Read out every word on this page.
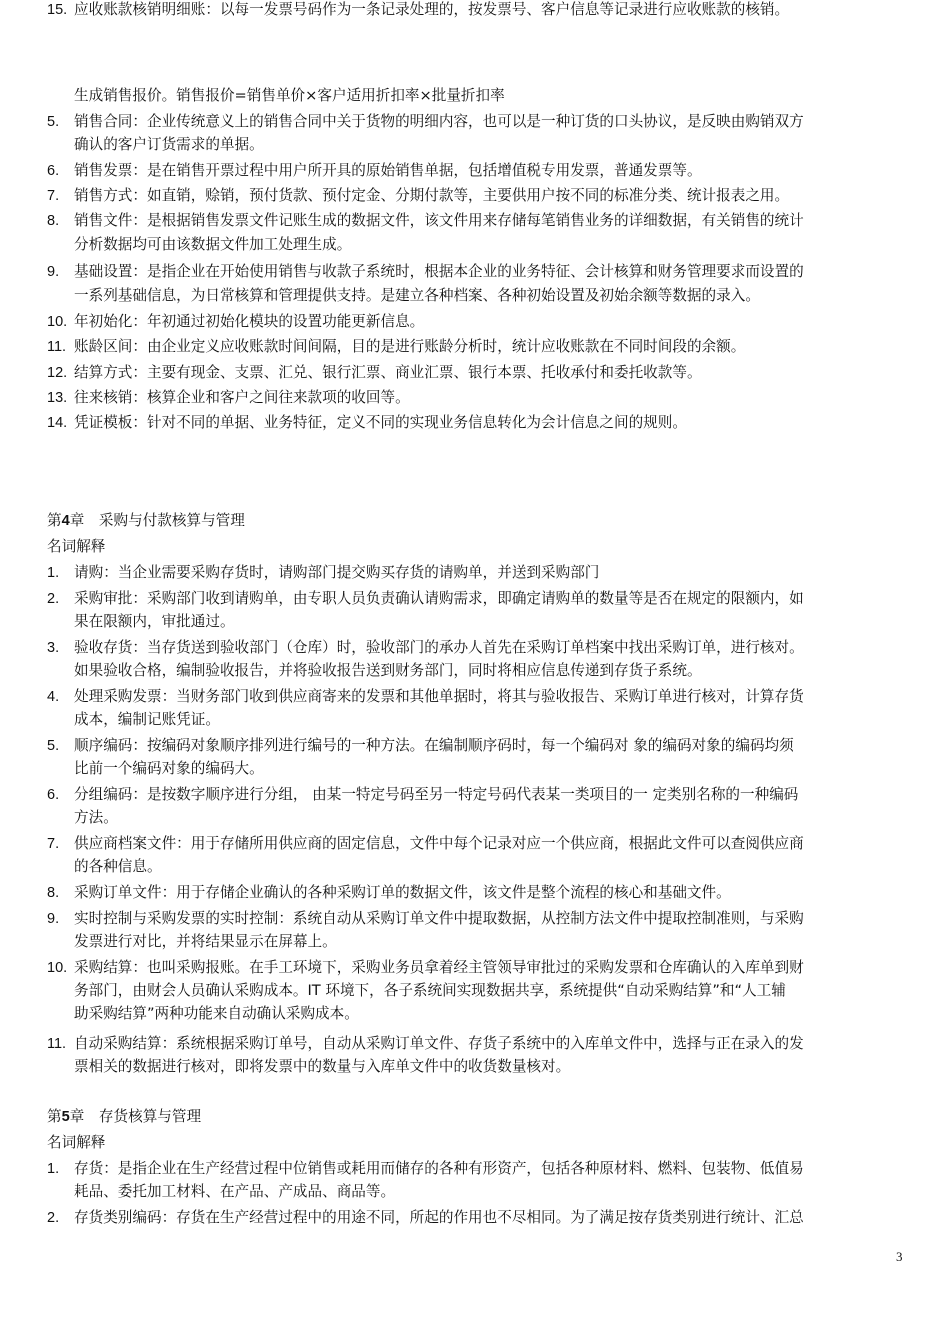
生成销售报价。销售报价=销售单价×客户适用折扣率×批量折扣率
5.	销售合同：企业传统意义上的销售合同中关于货物的明细内容，也可以是一种订货的口头协议，是反映由购销双方
确认的客户订货需求的单据。
6.	销售发票：是在销售开票过程中用户所开具的原始销售单据，包括增值税专用发票，普通发票等。
7.	销售方式：如直销，赊销，预付货款、预付定金、分期付款等，主要供用户按不同的标准分类、统计报表之用。
8.	销售文件：是根据销售发票文件记账生成的数据文件，该文件用来存储每笔销售业务的详细数据，有关销售的统计
分析数据均可由该数据文件加工处理生成。
9.	基础设置：是指企业在开始使用销售与收款子系统时，根据本企业的业务特征、会计核算和财务管理要求而设置的
一系列基础信息，为日常核算和管理提供支持。是建立各种档案、各种初始设置及初始余额等数据的录入。
10. 年初始化：年初通过初始化模块的设置功能更新信息。
11. 账龄区间：由企业定义应收账款时间间隔，目的是进行账龄分析时，统计应收账款在不同时间段的余额。
12. 结算方式：主要有现金、支票、汇兑、银行汇票、商业汇票、银行本票、托收承付和委托收款等。
13. 往来核销：核算企业和客户之间往来款项的收回等。
14. 凭证模板：针对不同的单据、业务特征，定义不同的实现业务信息转化为会计信息之间的规则。
15. 应收账款核销明细账：以每一发票号码作为一条记录处理的，按发票号、客户信息等记录进行应收账款的核销。
第4章　采购与付款核算与管理
名词解释
1.	请购：当企业需要采购存货时，请购部门提交购买存货的请购单，并送到采购部门
2.	采购审批：采购部门收到请购单，由专职人员负责确认请购需求，即确定请购单的数量等是否在规定的限额内，如
果在限额内，审批通过。
3.	验收存货：当存货送到验收部门（仓库）时，验收部门的承办人首先在采购订单档案中找出采购订单，进行核对。
如果验收合格，编制验收报告，并将验收报告送到财务部门，同时将相应信息传递到存货子系统。
4.	处理采购发票：当财务部门收到供应商寄来的发票和其他单据时，将其与验收报告、采购订单进行核对，计算存货
成本，编制记账凭证。
5.	顺序编码：按编码对象顺序排列进行编号的一种方法。在编制顺序码时，每一个编码对 象的编码对象的编码均须
比前一个编码对象的编码大。
6.	分组编码：是按数字顺序进行分组， 由某一特定号码至另一特定号码代表某一类项目的一 定类别名称的一种编码
方法。
7.	供应商档案文件：用于存储所用供应商的固定信息，文件中每个记录对应一个供应商，根据此文件可以查阅供应商
的各种信息。
8.	采购订单文件：用于存储企业确认的各种采购订单的数据文件，该文件是整个流程的核心和基础文件。
9.	实时控制与采购发票的实时控制：系统自动从采购订单文件中提取数据，从控制方法文件中提取控制准则，与采购
发票进行对比，并将结果显示在屏幕上。
10. 采购结算：也叫采购报账。在手工环境下，采购业务员拿着经主管领导审批过的采购发票和仓库确认的入库单到财
务部门，由财会人员确认采购成本。IT 环境下，各子系统间实现数据共享，系统提供“自动采购结算”和“人工辅
助采购结算”两种功能来自动确认采购成本。
11. 自动采购结算：系统根据采购订单号，自动从采购订单文件、存货子系统中的入库单文件中，选择与正在录入的发
票相关的数据进行核对，即将发票中的数量与入库单文件中的收货数量核对。
第5章　存货核算与管理
名词解释
1.	存货：是指企业在生产经营过程中位销售或耗用而储存的各种有形资产，包括各种原材料、燃料、包装物、低值易
耗品、委托加工材料、在产品、产成品、商品等。
2.	存货类别编码：存货在生产经营过程中的用途不同，所起的作用也不尽相同。为了满足按存货类别进行统计、汇总
3
